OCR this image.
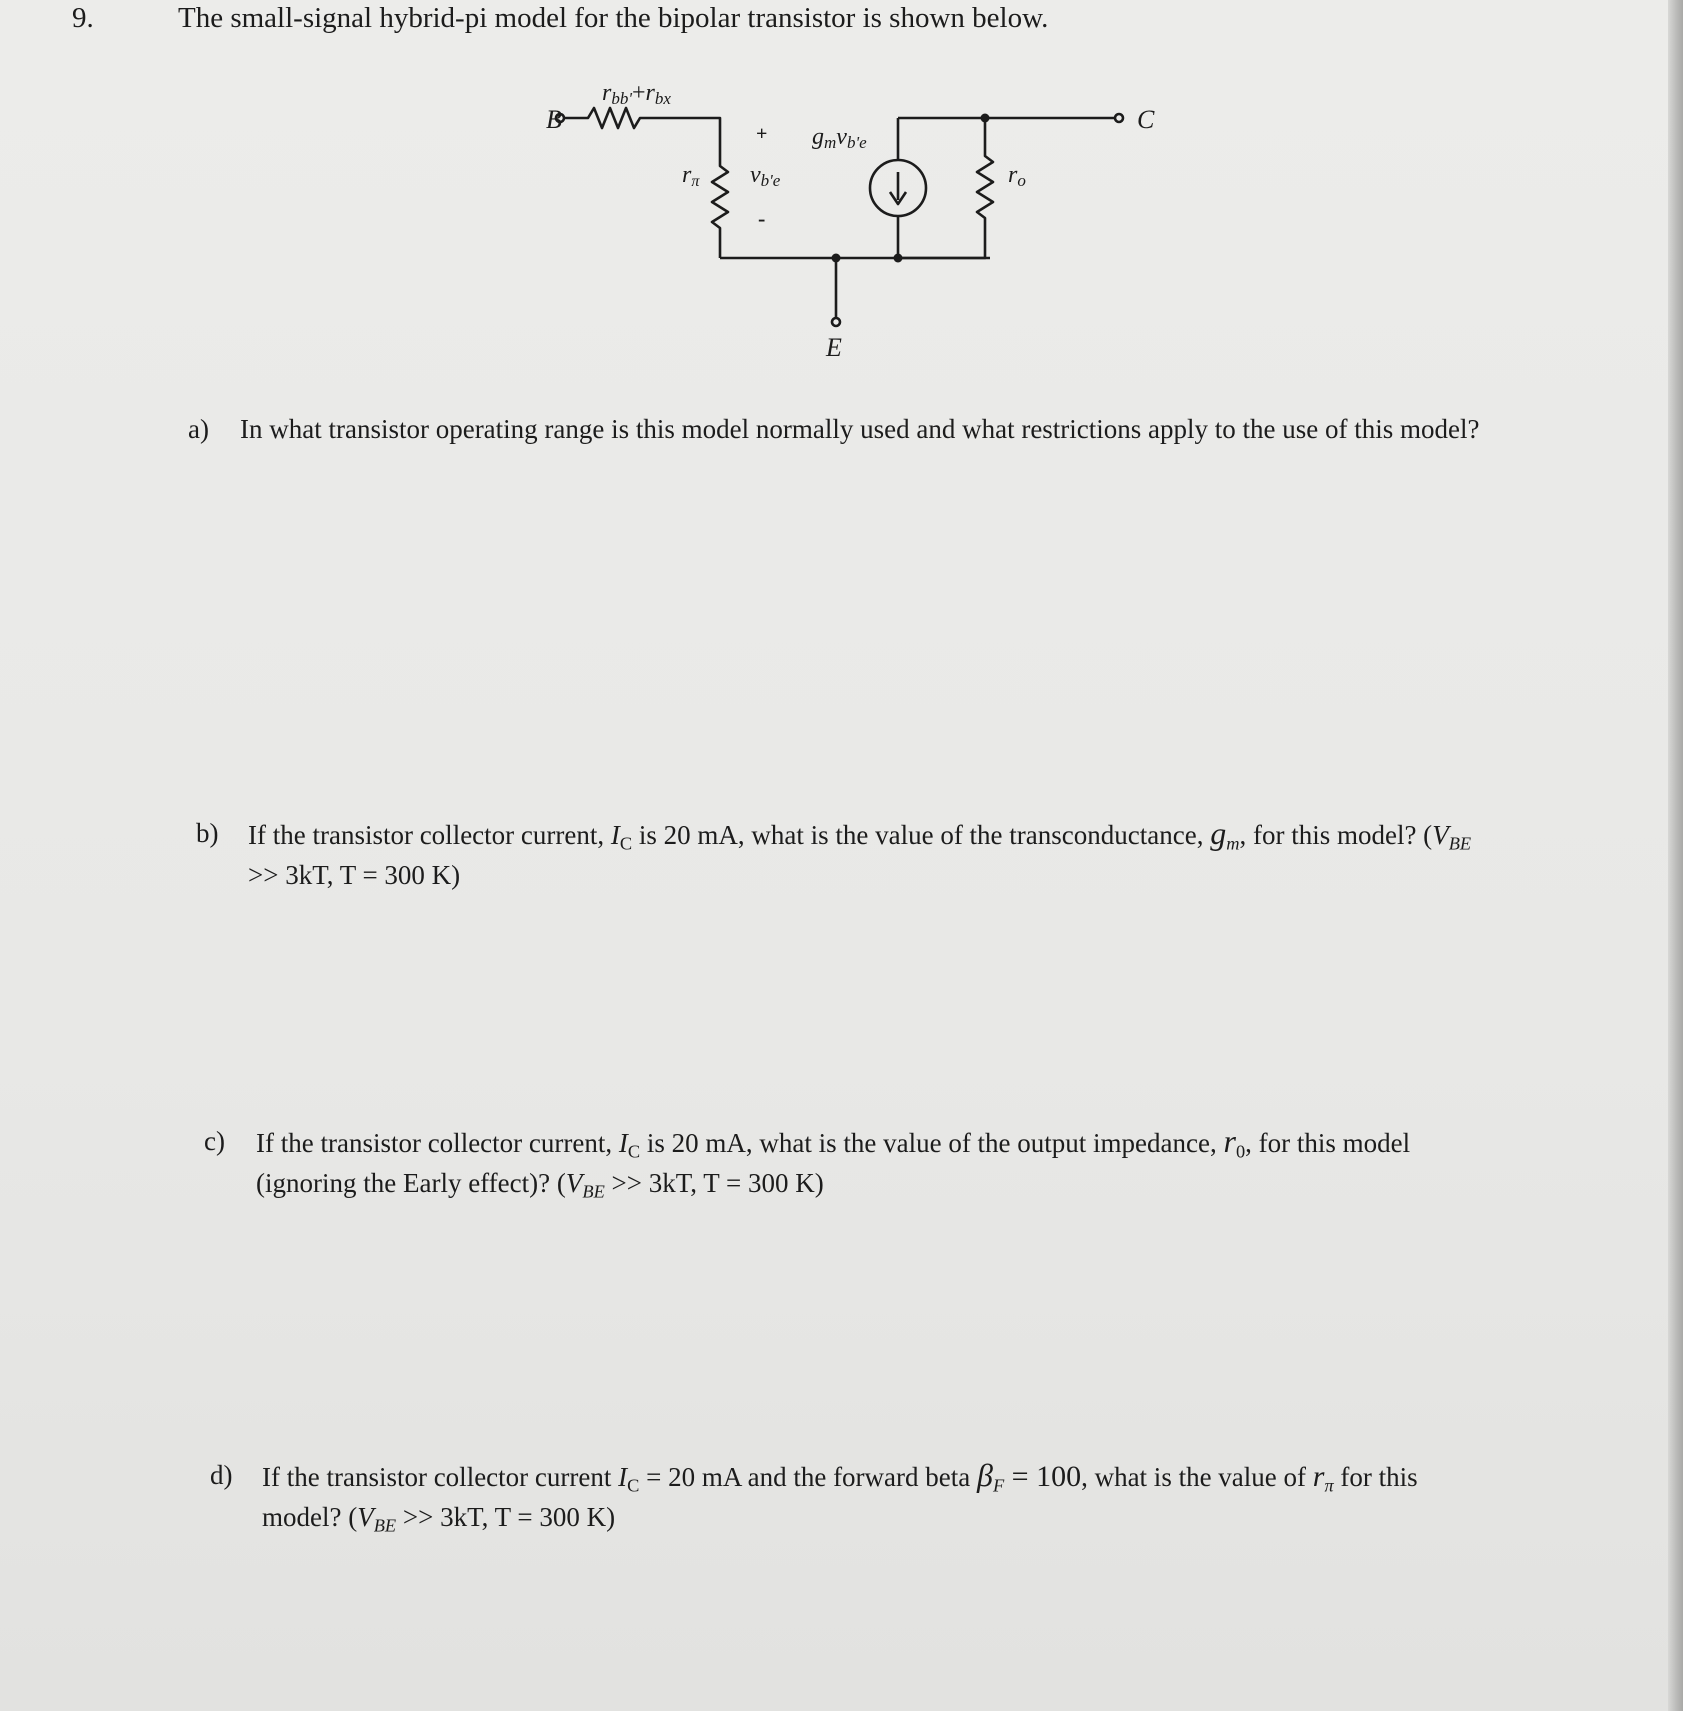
9.	The small-signal hybrid-pi model for the bipolar transistor is shown below.
B	C
E
rbb'+rbx
rπ vb'e
+
-
gmvb'e
ro
a) In what transistor operating range is this model normally used and what restrictions apply to the use of this model?
b) If the transistor collector current, $I_C$ is 20 mA, what is the value of the transconductance, $g_m$, for this model? ($V_{BE}$
>> 3kT, T = 300 K)
c) If the transistor collector current, $I_C$ is 20 mA, what is the value of the output impedance, $r_0$, for this model
(ignoring the Early effect)? ($V_{BE} >> 3kT$, T = 300 K)
d) If the transistor collector current $I_C = 20$ mA and the forward beta $\beta_F = 100$, what is the value of $r_\pi$ for this
model? ($V_{BE} >> 3kT$, T = 300 K)
